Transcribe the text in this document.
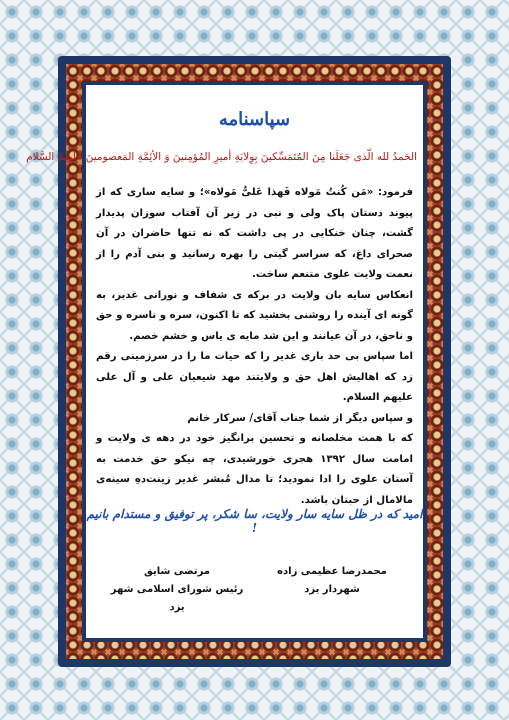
سپاسنامه
الحَمدُ لله الّذی جَعَلَنا مِنَ المُتَمَسِّکینَ بِوِلایَةِ أمیرِ المُؤمِنینَ وَ الأئِمَّةِ المَعصومینَ عَلَیهِمُ السَّلام

فرمود: «مَن کُنتُ مَولاه فَهذا عَلیٌّ مَولاه»؛ و سایه ساری که از پیوند دستان پاک ولی و نبی در زیر آن آفتاب سوزان پدیدار گشت، چنان خنکایی در پی داشت که نه تنها حاضران در آن صحرای داغ، که سراسر گیتی را بهره رسانید و بنی آدم را از نعمت ولایت علوی متنعم ساخت.

انعکاس سایه بان ولایت در برکه ی شفاف و نورانی غدیر، به گونه ای آینده را روشنی بخشید که تا اکنون، سره و ناسره و حق و ناحق، در آن عیانند و این شد مایه ی یاس و خشم خصم.

اما سپاس بی حد باری غدیر را که حیات ما را در سرزمینی رقم زد که اهالیش اهل حق و ولایتند مهد شیعیان علی و آل علی علیهم السلام.

و سپاس دیگر از شما جناب آقای/ سرکار خانم

که با همت مخلصانه و تحسین برانگیز خود در دهه ی ولایت و امامت سال ۱۳۹۲ هجری خورشیدی، چه نیکو حق خدمت به آستان علوی را ادا نمودید؛ تا مدال مُبشر غدیر زینت‌دهِ سینه‌ی مالامال از حبتان باشد.

امید که در ظل سایه سار ولایت، سا شکر، پر توفیق و مستدام بانیم !
محمدرضا عظیمی زاده
شهردار یزد
مرتضی شایق
رئیس شورای اسلامی شهر یزد
